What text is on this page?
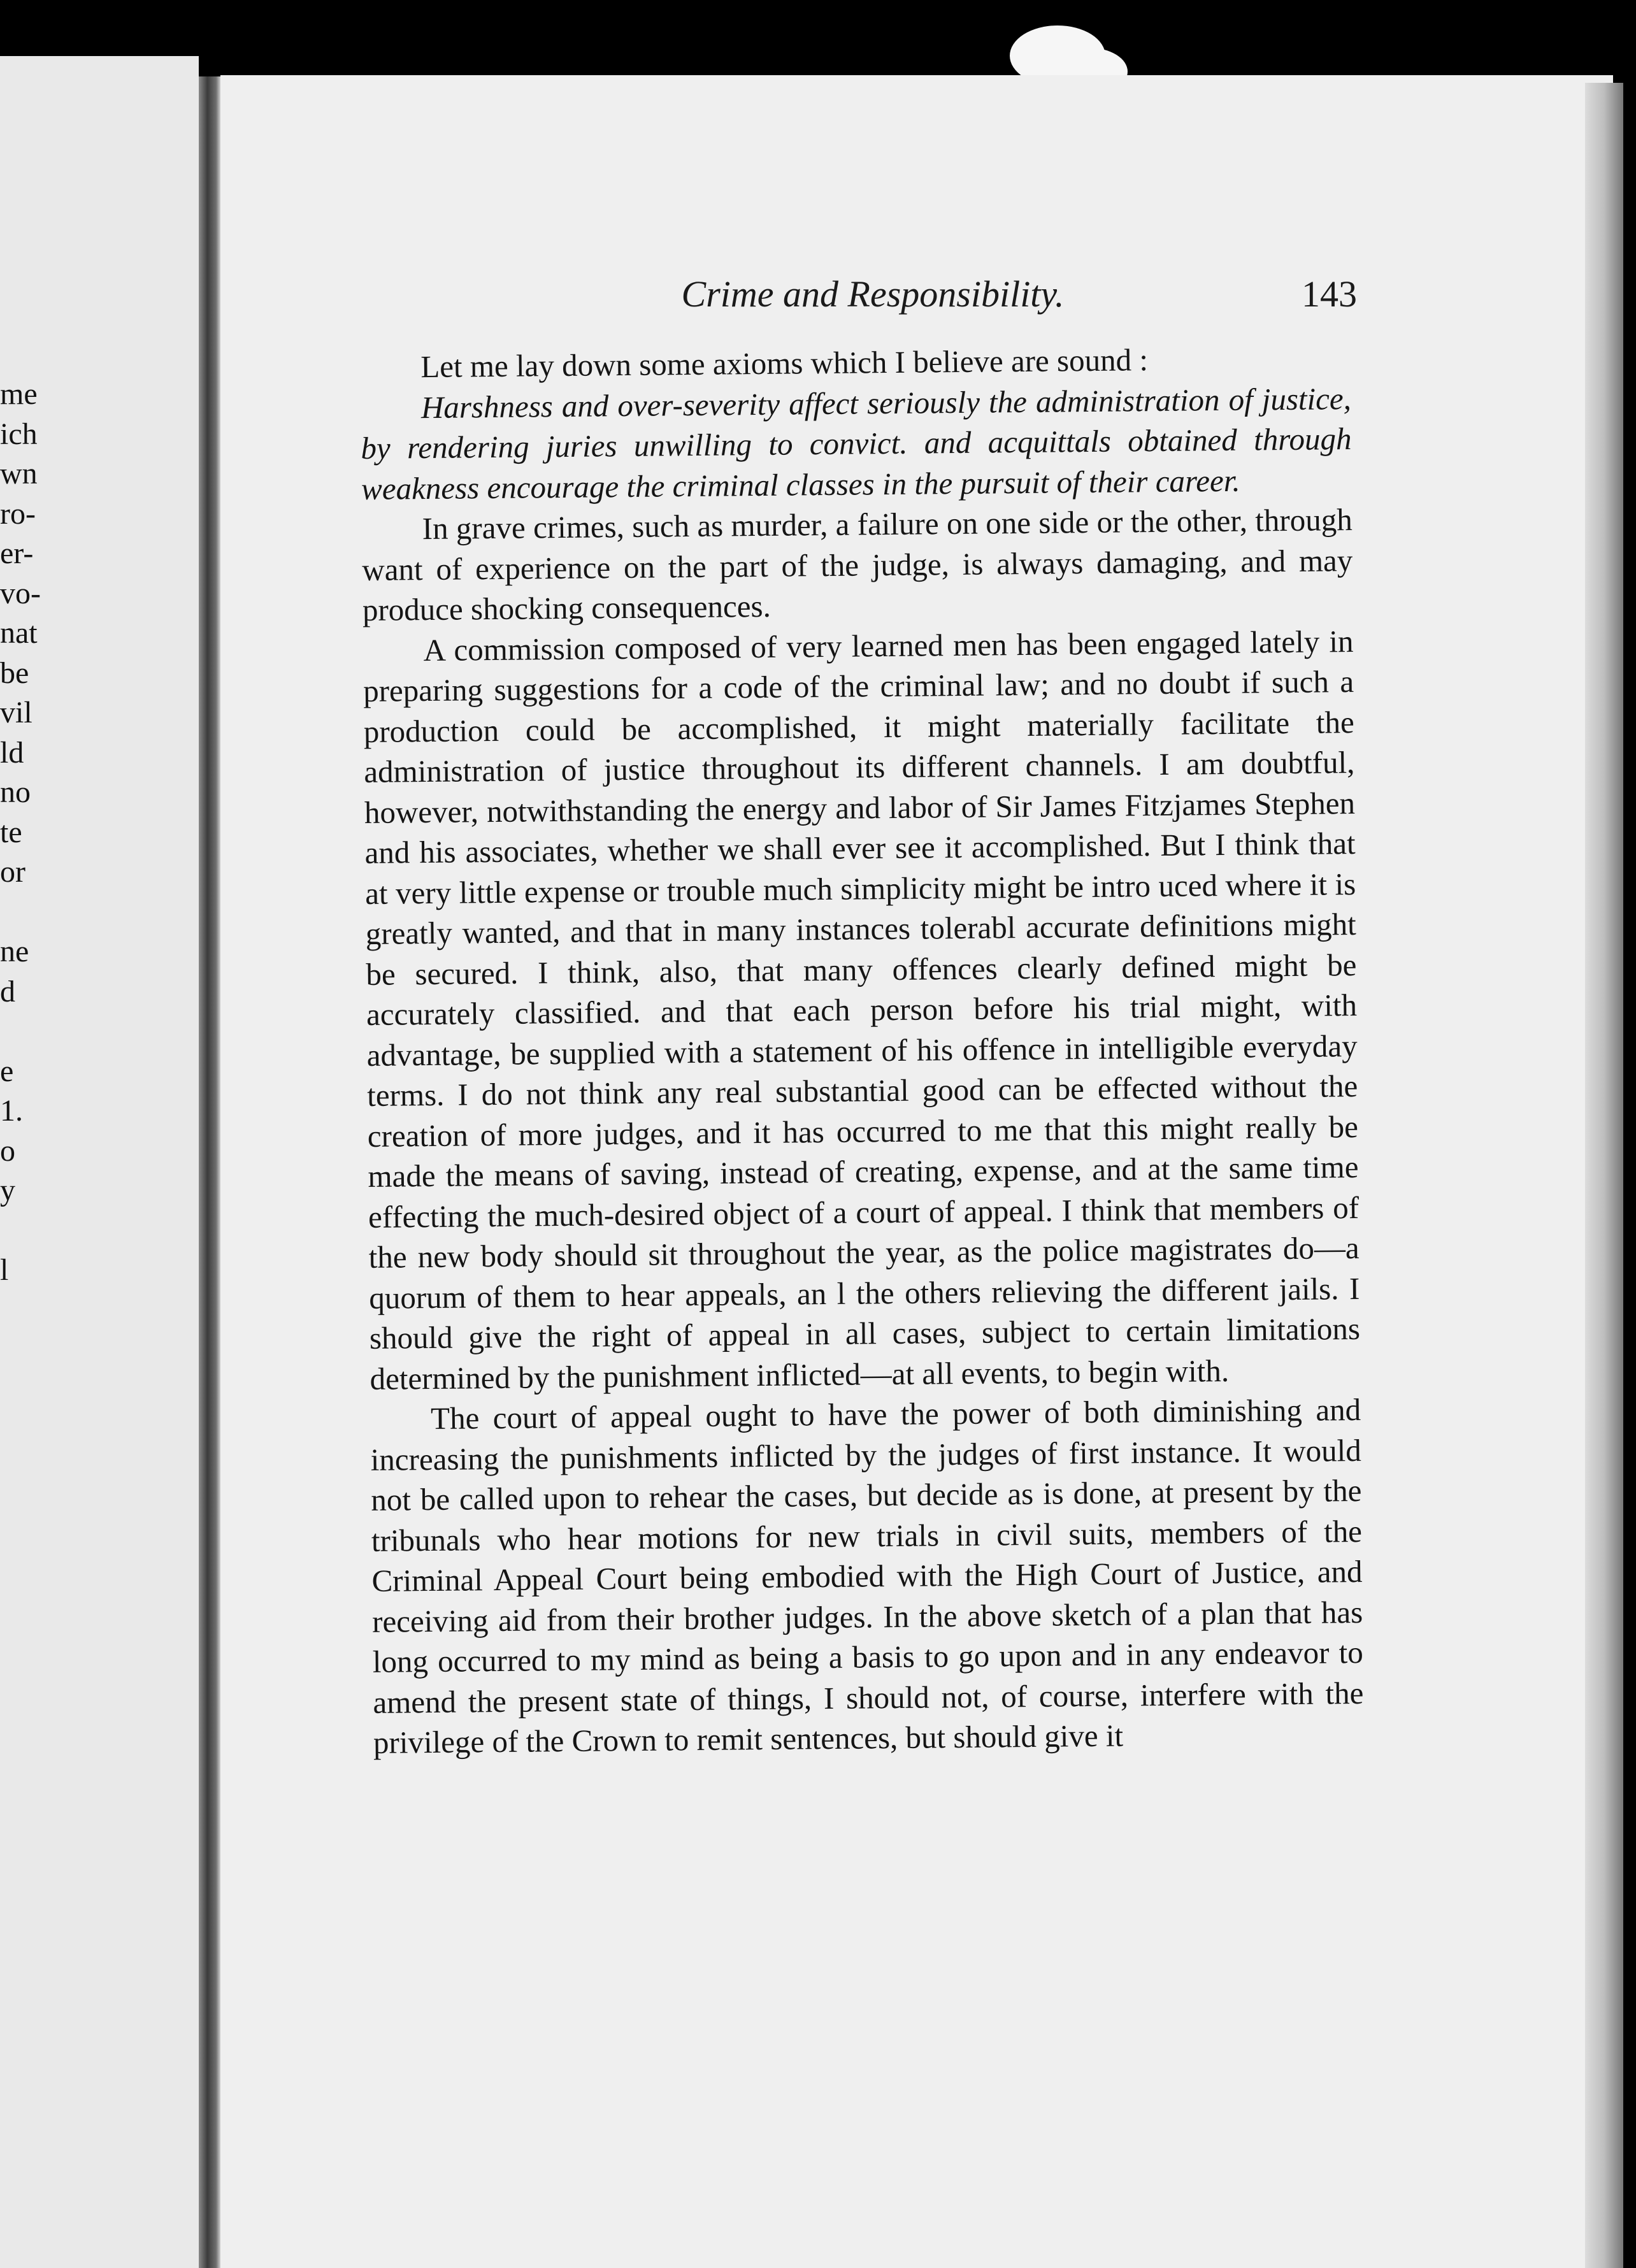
me
ich
wn
ro-
er-
vo-
nat
be
vil
ld
no
te
or
ne
d
e
1.
o
y
l
Crime and Responsibility.	143

Let me lay down some axioms which I believe are sound :

Harshness and over-severity affect seriously the administration of justice, by rendering juries unwilling to convict. and acquittals obtained through weakness encourage the criminal classes in the pursuit of their career.

In grave crimes, such as murder, a failure on one side or the other, through want of experience on the part of the judge, is always damaging, and may produce shocking consequences.

A commission composed of very learned men has been engaged lately in preparing suggestions for a code of the criminal law; and no doubt if such a production could be accomplished, it might materially facilitate the administration of justice throughout its different channels. I am doubtful, however, notwithstanding the energy and labor of Sir James Fitzjames Stephen and his associates, whether we shall ever see it accomplished. But I think that at very little expense or trouble much simplicity might be intro uced where it is greatly wanted, and that in many instances tolerabl accurate definitions might be secured. I think, also, that many offences clearly defined might be accurately classified. and that each person before his trial might, with advantage, be supplied with a statement of his offence in intelligible everyday terms. I do not think any real substantial good can be effected without the creation of more judges, and it has occurred to me that this might really be made the means of saving, instead of creating, expense, and at the same time effecting the much-desired object of a court of appeal. I think that members of the new body should sit throughout the year, as the police magistrates do—a quorum of them to hear appeals, an l the others relieving the different jails. I should give the right of appeal in all cases, subject to certain limitations determined by the punishment inflicted—at all events, to begin with.

The court of appeal ought to have the power of both diminishing and increasing the punishments inflicted by the judges of first instance. It would not be called upon to rehear the cases, but decide as is done, at present by the tribunals who hear motions for new trials in civil suits, members of the Criminal Appeal Court being embodied with the High Court of Justice, and receiving aid from their brother judges. In the above sketch of a plan that has long occurred to my mind as being a basis to go upon and in any endeavor to amend the present state of things, I should not, of course, interfere with the privilege of the Crown to remit sentences, but should give it
